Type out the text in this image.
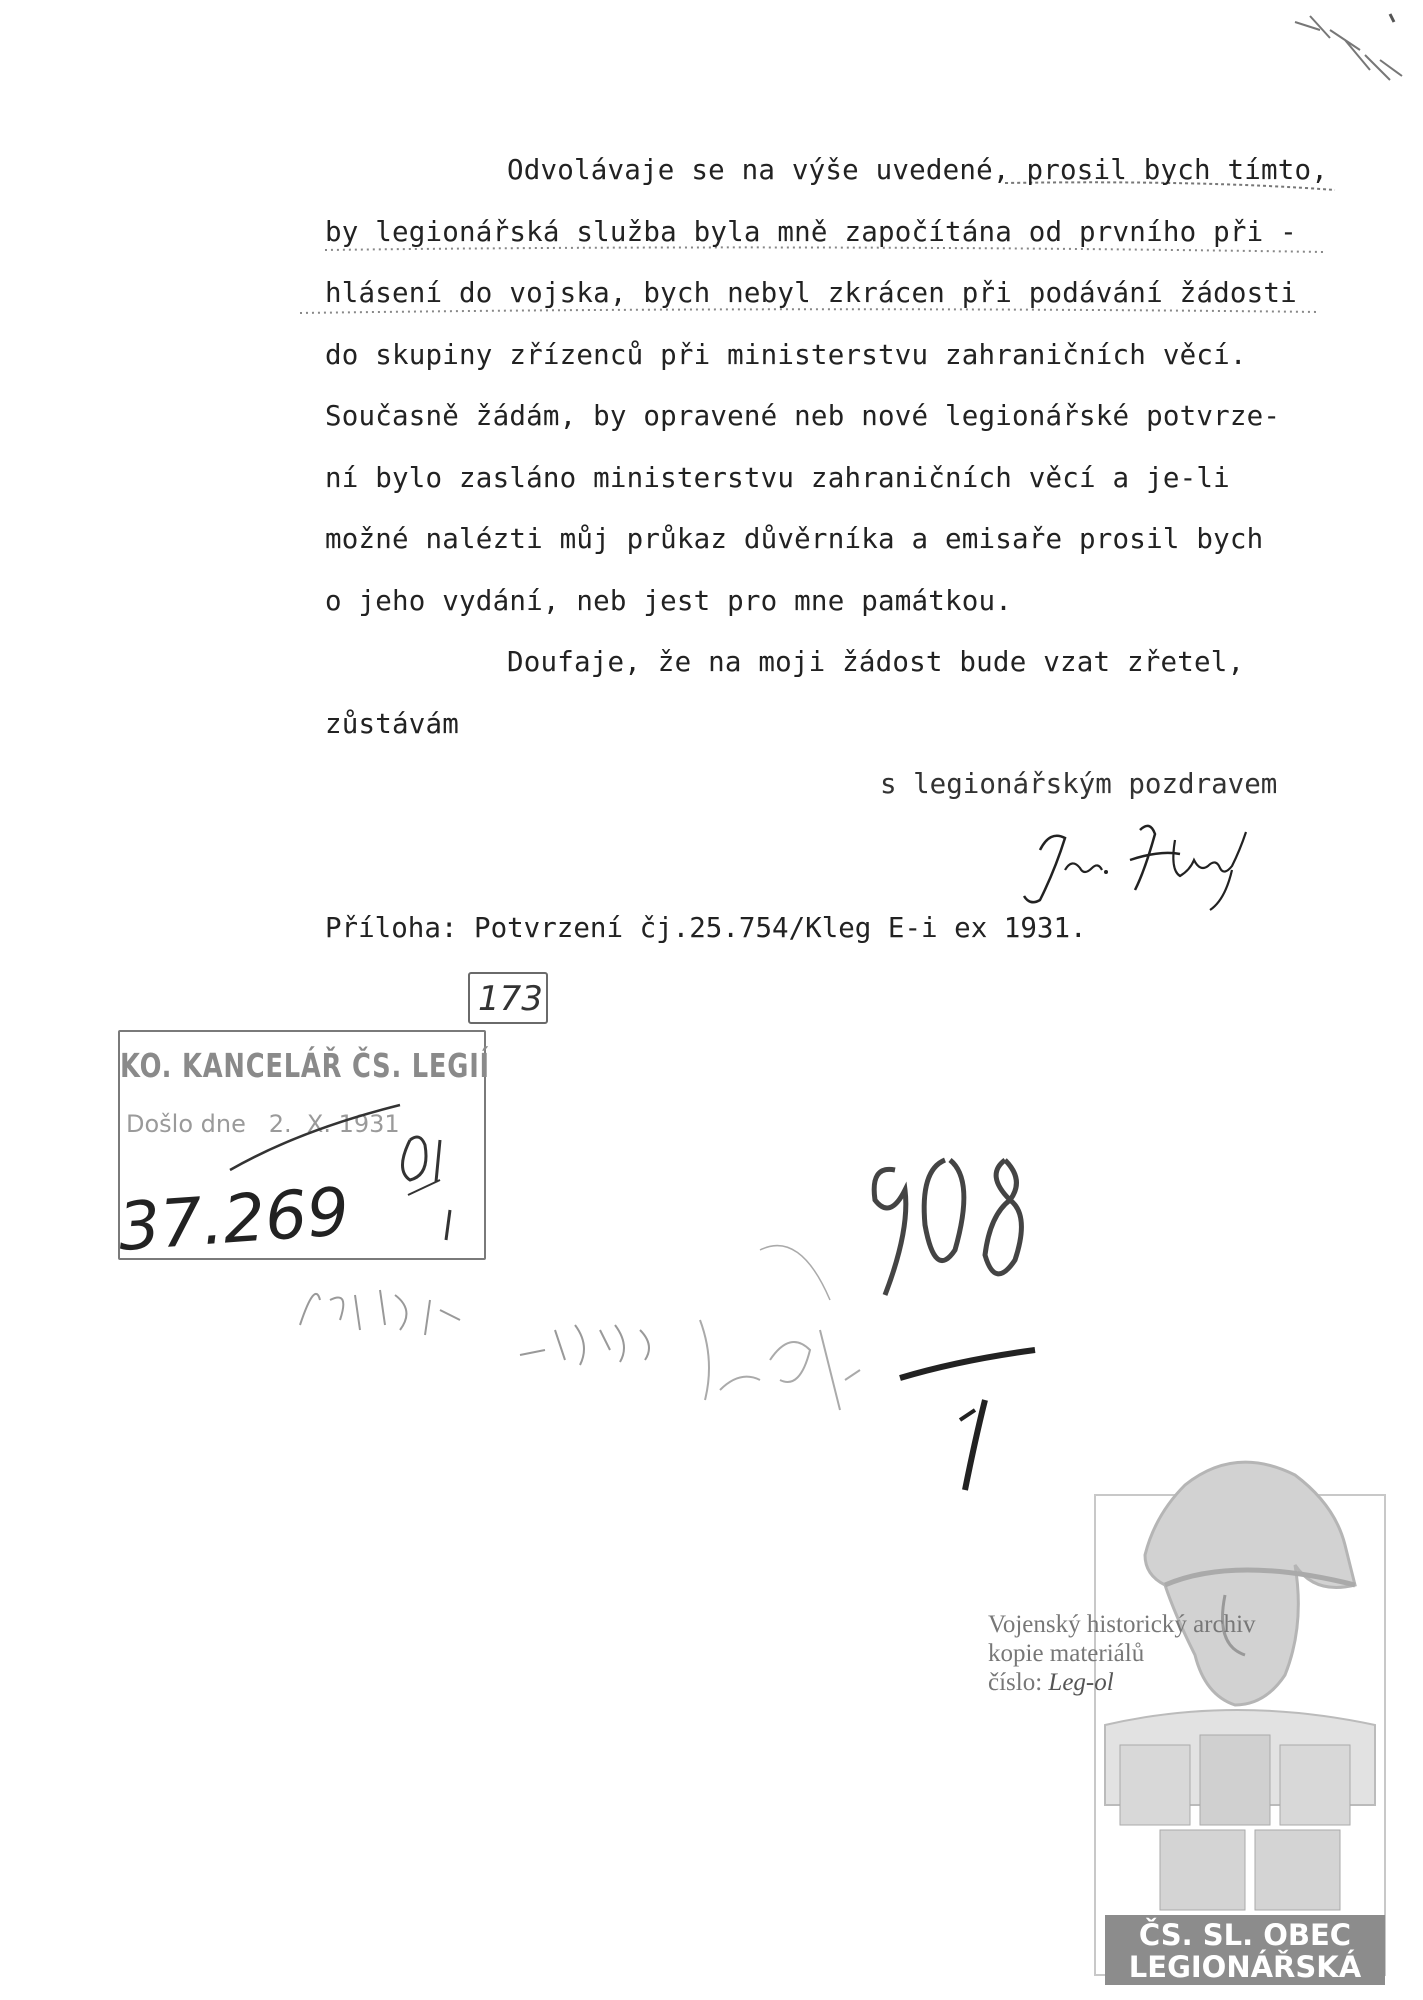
Odvolávaje se na výše uvedené, prosil bych tímto,
by legionářská služba byla mně započítána od prvního při -
hlásení do vojska, bych nebyl zkrácen při podávání žádosti
do skupiny zřízenců při ministerstvu zahraničních věcí.
Současně žádám, by opravené neb nové legionářské potvrze-
ní bylo zasláno ministerstvu zahraničních věcí a je-li
možné nalézti můj průkaz důvěrníka a emisaře prosil bych
o jeho vydání, neb jest pro mne památkou.
Doufaje, že na moji žádost bude vzat zřetel,
zůstávám
s legionářským pozdravem
Příloha: Potvrzení čj.25.754/Kleg E-i ex 1931.
KO. KANCELÁŘ ČS. LEGIÍ
Došlo dne   2.  X. 1931
173
37.269
ČS. SL. OBEC
LEGIONÁŘSKÁ
Vojenský historický archiv
kopie materiálů
číslo: Leg-ol
